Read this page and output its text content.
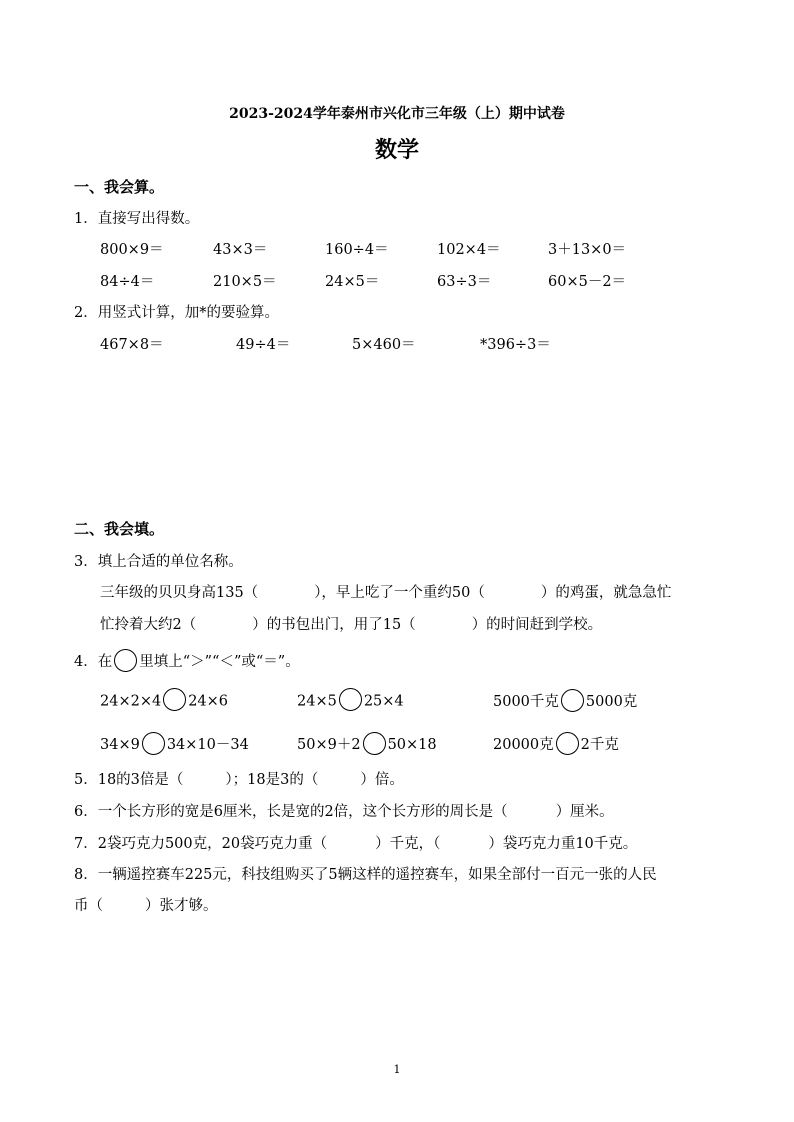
2023-2024学年泰州市兴化市三年级（上）期中试卷
数学
一、我会算。
1．直接写出得数。
800×9＝	43×3＝	160÷4＝	102×4＝	3＋13×0＝
84÷4＝	210×5＝	24×5＝	63÷3＝	60×5－2＝
2．用竖式计算，加*的要验算。
467×8＝	49÷4＝	5×460＝	*396÷3＝
二、我会填。
3．填上合适的单位名称。
三年级的贝贝身高135（	），早上吃了一个重约50（	）的鸡蛋，就急急忙
忙拎着大约2（	）的书包出门，用了15（	）的时间赶到学校。
4．在 里填上“＞”“＜”或“＝”。
24×2×4 24×6	24×5 25×4	5000千克 5000克
34×9 34×10－34	50×9＋2 50×18	20000克 2千克
5．18的3倍是（	）；18是3的（	）倍。
6．一个长方形的宽是6厘米，长是宽的2倍，这个长方形的周长是（	）厘米。
7．2袋巧克力500克，20袋巧克力重（	）千克，（	）袋巧克力重10千克。
8．一辆遥控赛车225元，科技组购买了5辆这样的遥控赛车，如果全部付一百元一张的人民
币（	）张才够。
1
